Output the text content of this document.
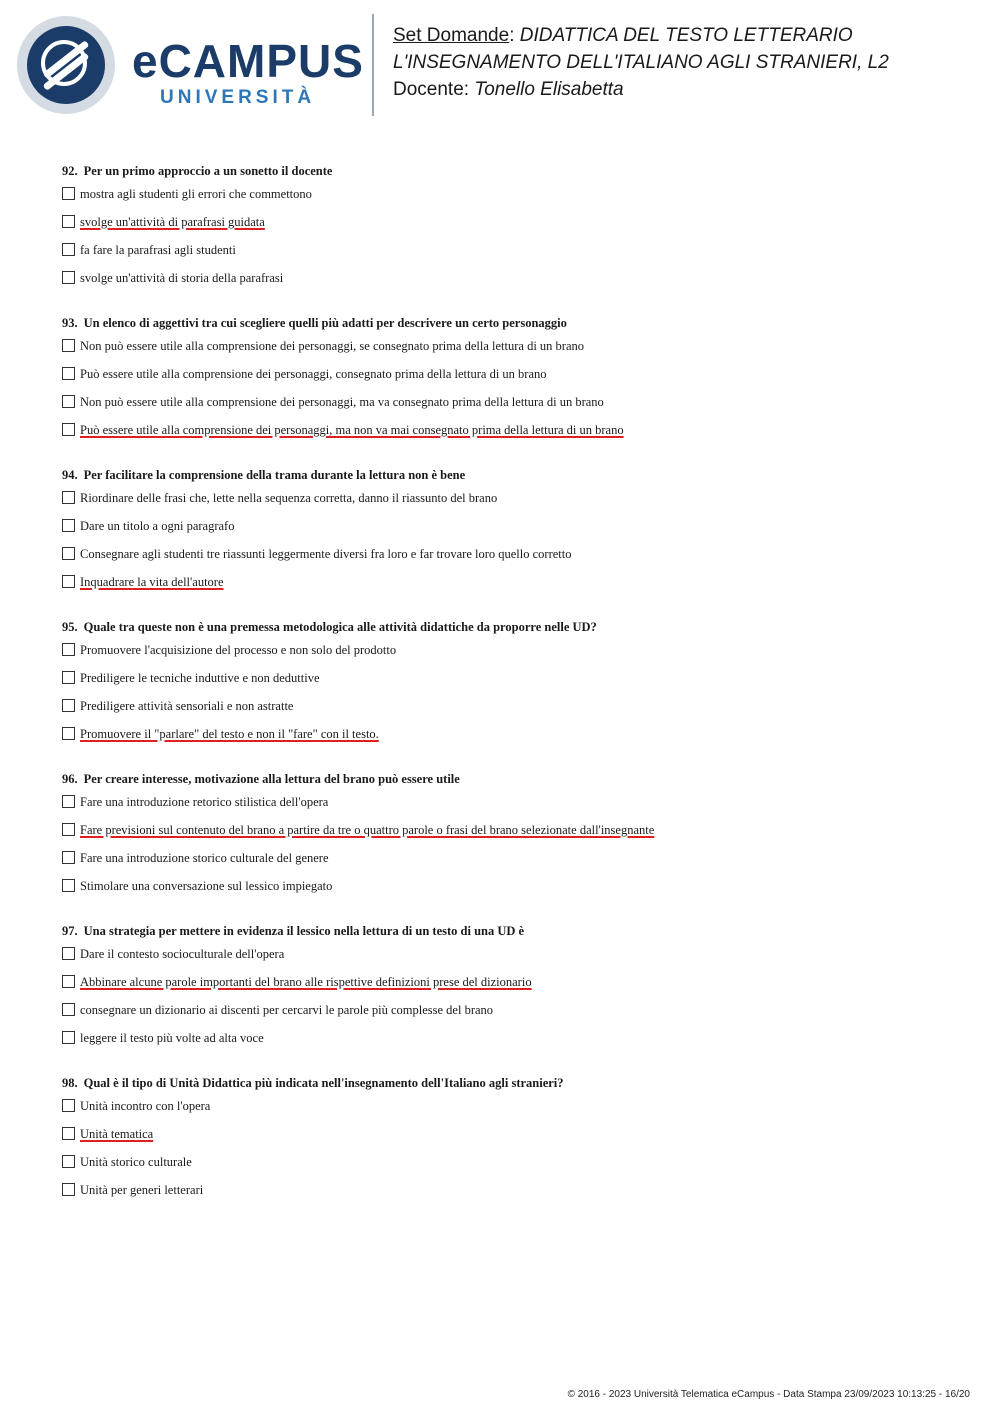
eCAMPUS
UNIVERSITÀ
Set Domande: DIDATTICA DEL TESTO LETTERARIO
L'INSEGNAMENTO DELL'ITALIANO AGLI STRANIERI, L2
Docente: Tonello Elisabetta
92. Per un primo approccio a un sonetto il docente
mostra agli studenti gli errori che commettono
svolge un'attività di parafrasi guidata
fa fare la parafrasi agli studenti
svolge un'attività di storia della parafrasi
93. Un elenco di aggettivi tra cui scegliere quelli più adatti per descrivere un certo personaggio
Non può essere utile alla comprensione dei personaggi, se consegnato prima della lettura di un brano
Può essere utile alla comprensione dei personaggi, consegnato prima della lettura di un brano
Non può essere utile alla comprensione dei personaggi, ma va consegnato prima della lettura di un brano
Può essere utile alla comprensione dei personaggi, ma non va mai consegnato prima della lettura di un brano
94. Per facilitare la comprensione della trama durante la lettura non è bene
Riordinare delle frasi che, lette nella sequenza corretta, danno il riassunto del brano
Dare un titolo a ogni paragrafo
Consegnare agli studenti tre riassunti leggermente diversi fra loro e far trovare loro quello corretto
Inquadrare la vita dell'autore
95. Quale tra queste non è una premessa metodologica alle attività didattiche da proporre nelle UD?
Promuovere l'acquisizione del processo e non solo del prodotto
Prediligere le tecniche induttive e non deduttive
Prediligere attività sensoriali e non astratte
Promuovere il "parlare" del testo e non il "fare" con il testo.
96. Per creare interesse, motivazione alla lettura del brano può essere utile
Fare una introduzione retorico stilistica dell'opera
Fare previsioni sul contenuto del brano a partire da tre o quattro parole o frasi del brano selezionate dall'insegnante
Fare una introduzione storico culturale del genere
Stimolare una conversazione sul lessico impiegato
97. Una strategia per mettere in evidenza il lessico nella lettura di un testo di una UD è
Dare il contesto socioculturale dell'opera
Abbinare alcune parole importanti del brano alle rispettive definizioni prese del dizionario
consegnare un dizionario ai discenti per cercarvi le parole più complesse del brano
leggere il testo più volte ad alta voce
98. Qual è il tipo di Unità Didattica più indicata nell'insegnamento dell'Italiano agli stranieri?
Unità incontro con l'opera
Unità tematica
Unità storico culturale
Unità per generi letterari
© 2016 - 2023 Università Telematica eCampus - Data Stampa 23/09/2023 10:13:25 - 16/20
